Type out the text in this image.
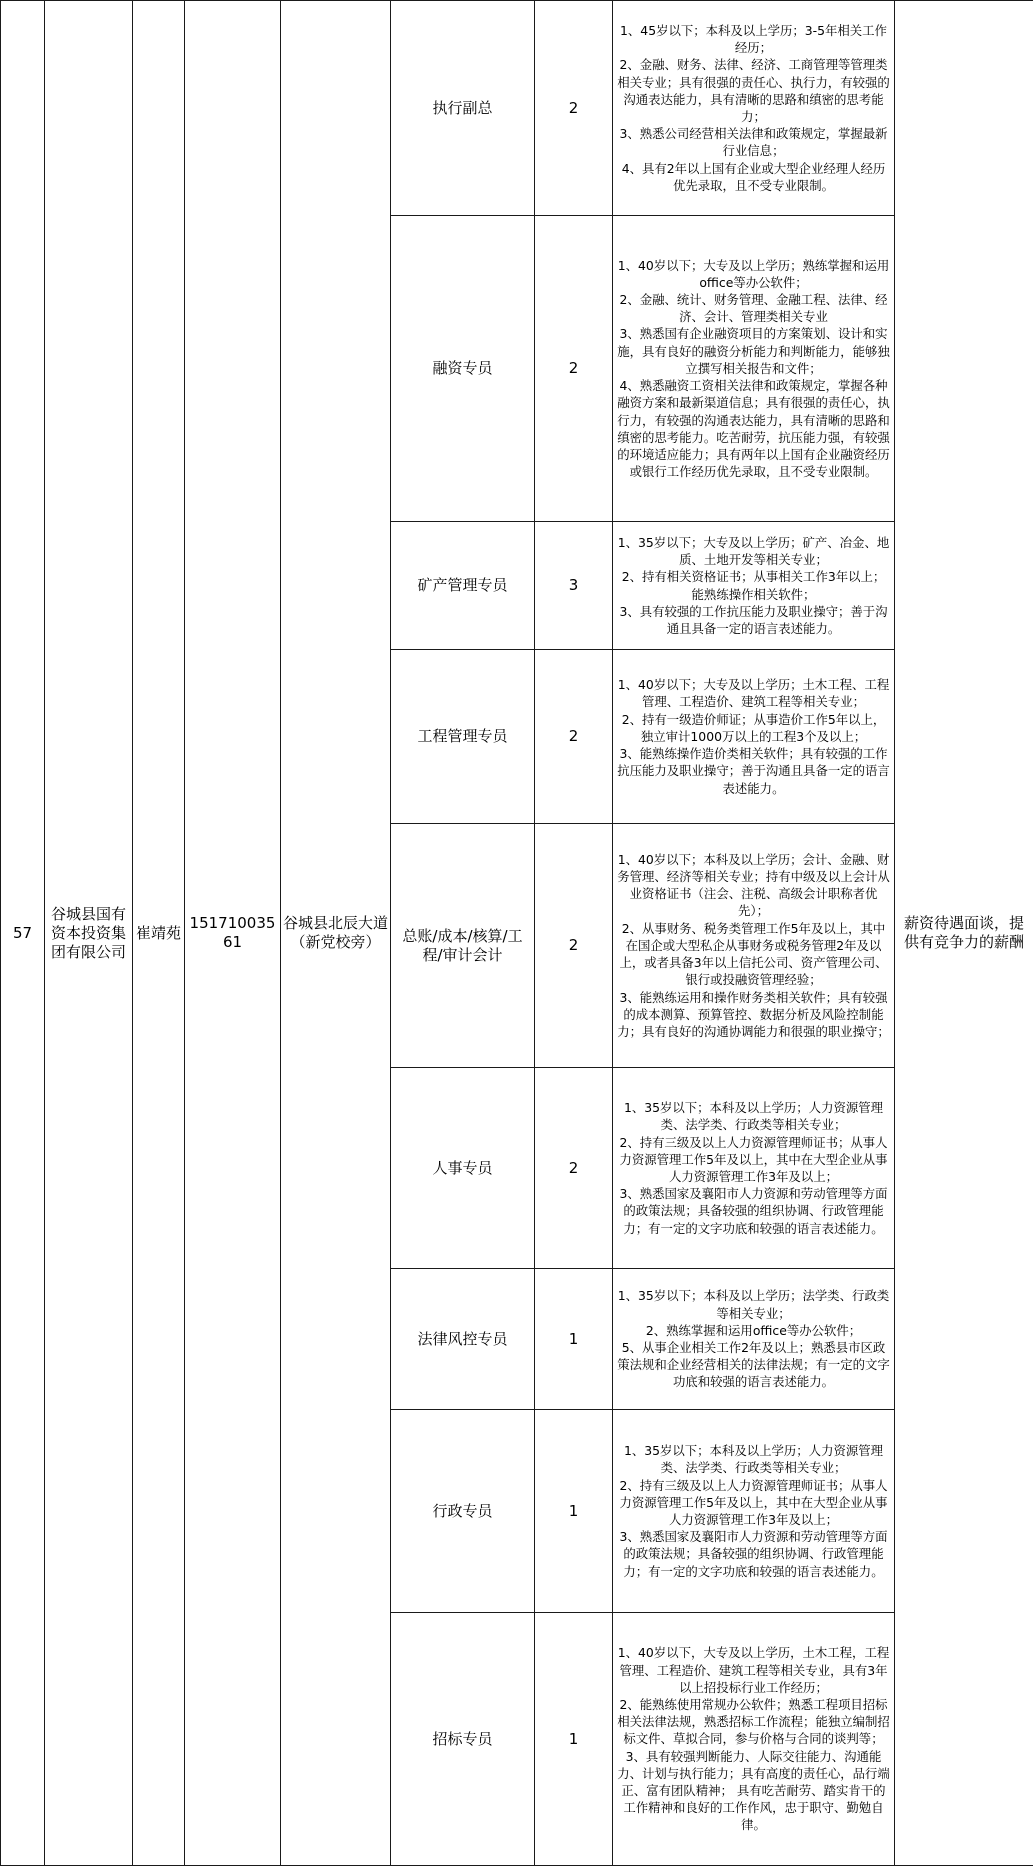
57	谷城县国有资本投资集团有限公司	崔靖苑	15171003561	谷城县北辰大道（新党校旁）	执行副总	2	1、45岁以下；本科及以上学历；3-5年相关工作经历；
2、金融、财务、法律、经济、工商管理等管理类相关专业；具有很强的责任心、执行力，有较强的沟通表达能力，具有清晰的思路和缜密的思考能力；
3、熟悉公司经营相关法律和政策规定，掌握最新行业信息；
4、具有2年以上国有企业或大型企业经理人经历优先录取，且不受专业限制。	薪资待遇面谈，提供有竞争力的薪酬
					融资专员	2	1、40岁以下；大专及以上学历；熟练掌握和运用office等办公软件；
2、金融、统计、财务管理、金融工程、法律、经济、会计、管理类相关专业
3、熟悉国有企业融资项目的方案策划、设计和实施，具有良好的融资分析能力和判断能力，能够独立撰写相关报告和文件；
4、熟悉融资工资相关法律和政策规定，掌握各种融资方案和最新渠道信息；具有很强的责任心，执行力，有较强的沟通表达能力，具有清晰的思路和缜密的思考能力。吃苦耐劳，抗压能力强，有较强的环境适应能力；具有两年以上国有企业融资经历或银行工作经历优先录取，且不受专业限制。	

					矿产管理专员	3	1、35岁以下；大专及以上学历；矿产、冶金、地质、土地开发等相关专业；
2、持有相关资格证书；从事相关工作3年以上；能熟练操作相关软件；
3、具有较强的工作抗压能力及职业操守；善于沟通且具备一定的语言表述能力。	

					工程管理专员	2	1、40岁以下；大专及以上学历；土木工程、工程管理、工程造价、建筑工程等相关专业；
2、持有一级造价师证；从事造价工作5年以上，独立审计1000万以上的工程3个及以上；
3、能熟练操作造价类相关软件；具有较强的工作抗压能力及职业操守；善于沟通且具备一定的语言表述能力。	

					总账/成本/核算/工程/审计会计	2	1、40岁以下；本科及以上学历；会计、金融、财务管理、经济等相关专业；持有中级及以上会计从业资格证书（注会、注税、高级会计职称者优先）；
2、从事财务、税务类管理工作5年及以上，其中在国企或大型私企从事财务或税务管理2年及以上，或者具备3年以上信托公司、资产管理公司、银行或投融资管理经验；
3、能熟练运用和操作财务类相关软件；具有较强的成本测算、预算管控、数据分析及风险控制能力；具有良好的沟通协调能力和很强的职业操守；	

					人事专员	2	1、35岁以下；本科及以上学历；人力资源管理类、法学类、行政类等相关专业；
2、持有三级及以上人力资源管理师证书；从事人力资源管理工作5年及以上，其中在大型企业从事人力资源管理工作3年及以上；
3、熟悉国家及襄阳市人力资源和劳动管理等方面的政策法规；具备较强的组织协调、行政管理能力；有一定的文字功底和较强的语言表述能力。	

					法律风控专员	1	1、35岁以下；本科及以上学历；法学类、行政类等相关专业；
2、熟练掌握和运用office等办公软件；
5、从事企业相关工作2年及以上；熟悉县市区政策法规和企业经营相关的法律法规；有一定的文字功底和较强的语言表述能力。	

					行政专员	1	1、35岁以下；本科及以上学历；人力资源管理类、法学类、行政类等相关专业；
2、持有三级及以上人力资源管理师证书；从事人力资源管理工作5年及以上，其中在大型企业从事人力资源管理工作3年及以上；
3、熟悉国家及襄阳市人力资源和劳动管理等方面的政策法规；具备较强的组织协调、行政管理能力；有一定的文字功底和较强的语言表述能力。	

					招标专员	1	1、40岁以下，大专及以上学历，土木工程，工程管理、工程造价、建筑工程等相关专业，具有3年以上招投标行业工作经历；
2、能熟练使用常规办公软件；熟悉工程项目招标相关法律法规，熟悉招标工作流程；能独立编制招标文件、草拟合同，参与价格与合同的谈判等；
3、具有较强判断能力、人际交往能力、沟通能力、计划与执行能力；具有高度的责任心，品行端正、富有团队精神； 具有吃苦耐劳、踏实肯干的工作精神和良好的工作作风，忠于职守、勤勉自律。	
